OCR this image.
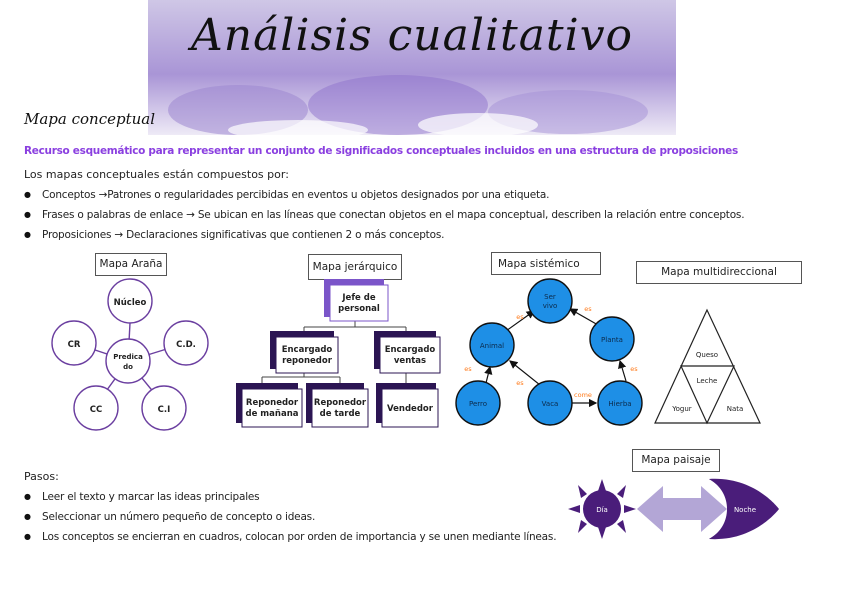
Análisis cualitativo
Mapa conceptual
Recurso esquemático para representar un conjunto de significados conceptuales incluidos en una estructura de proposiciones
Los mapas conceptuales están compuestos por:
● Conceptos →Patrones o regularidades percibidas en eventos u objetos designados por una etiqueta.
● Frases o palabras de enlace → Se ubican en las líneas que conectan objetos en el mapa conceptual, describen la relación entre conceptos.
● Proposiciones → Declaraciones significativas que contienen 2 o más conceptos.
Mapa Araña
Núcleo
C.D.
C.I
CC
CR
Predica
do
Mapa jerárquico
Jefe de
personal
Encargado
reponedor
Encargado
ventas
Reponedor
de mañana
Reponedor
de tarde	Vendedor
Mapa sistémico
Ser
vivo
Animal
Planta
Perro	Vaca	Hierba
es
es
es
es
es
come
Mapa multidireccional
Queso
Leche
Yogur	Nata
Mapa paisaje
Día	Noche
Pasos:
● Leer el texto y marcar las ideas principales
● Seleccionar un número pequeño de concepto o ideas.
● Los conceptos se encierran en cuadros, colocan por orden de importancia y se unen mediante líneas.
